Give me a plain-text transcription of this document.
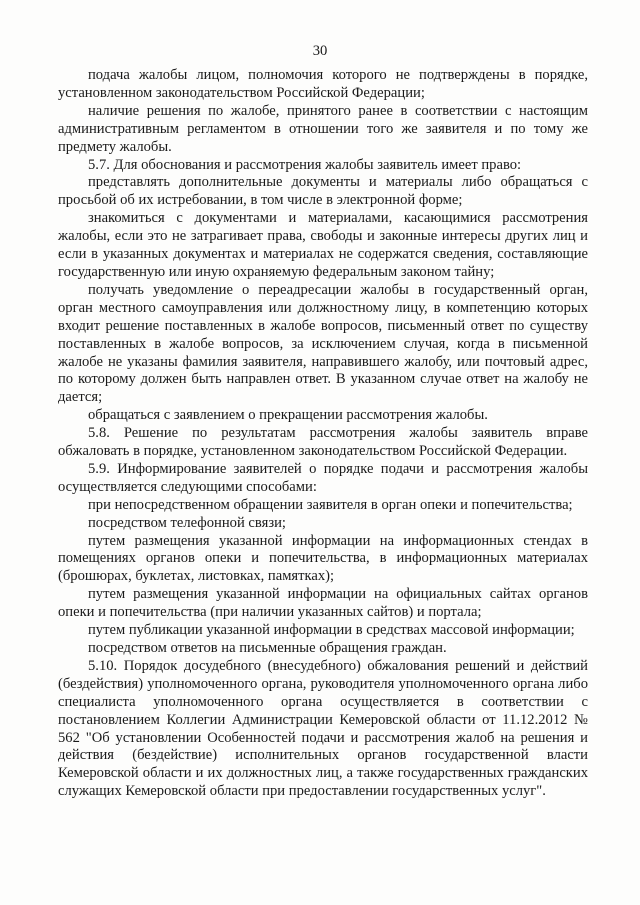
30

подача жалобы лицом, полномочия которого не подтверждены в порядке, установленном законодательством Российской Федерации;

наличие решения по жалобе, принятого ранее в соответствии с настоящим административным регламентом в отношении того же заявителя и по тому же предмету жалобы.

5.7. Для обоснования и рассмотрения жалобы заявитель имеет право:

представлять дополнительные документы и материалы либо обращаться с просьбой об их истребовании, в том числе в электронной форме;

знакомиться с документами и материалами, касающимися рассмотрения жалобы, если это не затрагивает права, свободы и законные интересы других лиц и если в указанных документах и материалах не содержатся сведения, составляющие государственную или иную охраняемую федеральным законом тайну;

получать уведомление о переадресации жалобы в государственный орган, орган местного самоуправления или должностному лицу, в компетенцию которых входит решение поставленных в жалобе вопросов, письменный ответ по существу поставленных в жалобе вопросов, за исключением случая, когда в письменной жалобе не указаны фамилия заявителя, направившего жалобу, или почтовый адрес, по которому должен быть направлен ответ. В указанном случае ответ на жалобу не дается;

обращаться с заявлением о прекращении рассмотрения жалобы.

5.8. Решение по результатам рассмотрения жалобы заявитель вправе обжаловать в порядке, установленном законодательством Российской Федерации.

5.9. Информирование заявителей о порядке подачи и рассмотрения жалобы осуществляется следующими способами:

при непосредственном обращении заявителя в орган опеки и попечительства;

посредством телефонной связи;

путем размещения указанной информации на информационных стендах в помещениях органов опеки и попечительства, в информационных материалах (брошюрах, буклетах, листовках, памятках);

путем размещения указанной информации на официальных сайтах органов опеки и попечительства (при наличии указанных сайтов) и портала;

путем публикации указанной информации в средствах массовой информации;

посредством ответов на письменные обращения граждан.

5.10. Порядок досудебного (внесудебного) обжалования решений и действий (бездействия) уполномоченного органа, руководителя уполномоченного органа либо специалиста уполномоченного органа осуществляется в соответствии с постановлением Коллегии Администрации Кемеровской области от 11.12.2012 № 562 "Об установлении Особенностей подачи и рассмотрения жалоб на решения и действия (бездействие) исполнительных органов государственной власти Кемеровской области и их должностных лиц, а также государственных гражданских служащих Кемеровской области при предоставлении государственных услуг".
